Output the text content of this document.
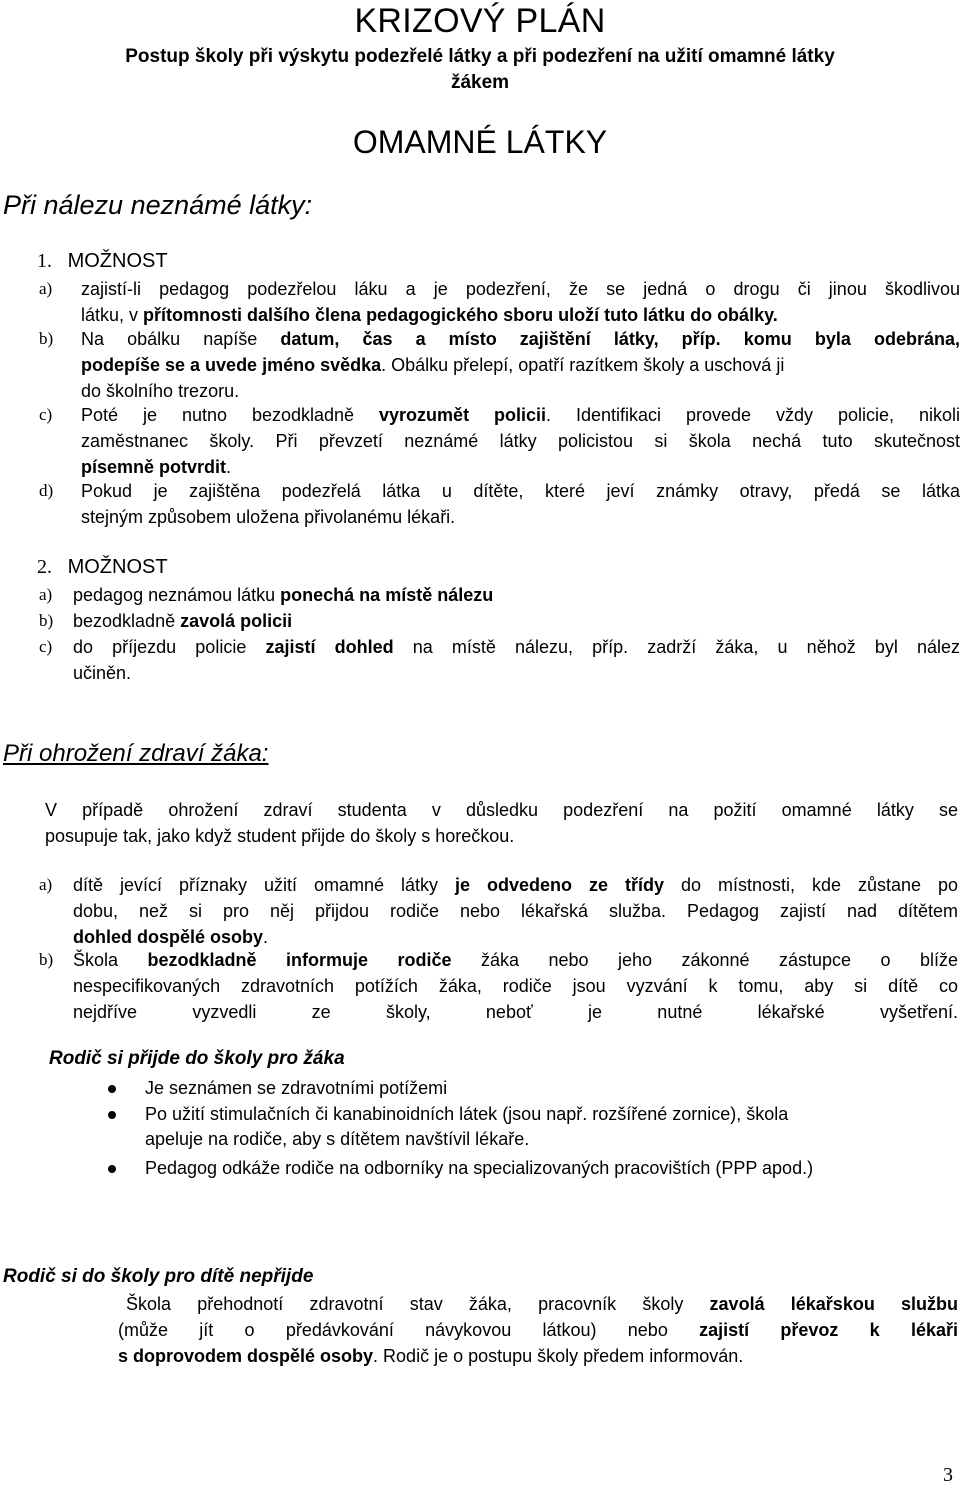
KRIZOVÝ PLÁN
Postup školy při výskytu podezřelé látky a při podezření na užití omamné látky
žákem
OMAMNÉ LÁTKY
Při nálezu neznámé látky:
1. MOŽNOST
a) zajistí-li pedagog podezřelou láku a je podezření, že se jedná o drogu či jinou škodlivou
látku, v přítomnosti dalšího člena pedagogického sboru uloží tuto látku do obálky.
b) Na obálku napíše datum, čas a místo zajištění látky, příp. komu byla odebrána,
podepíše se a uvede jméno svědka. Obálku přelepí, opatří razítkem školy a uschová ji
do školního trezoru.
c) Poté je nutno bezodkladně vyrozumět policii. Identifikaci provede vždy policie, nikoli
zaměstnanec školy. Při převzetí neznámé látky policistou si škola nechá tuto skutečnost
písemně potvrdit.
d) Pokud je zajištěna podezřelá látka u dítěte, které jeví známky otravy, předá se látka
stejným způsobem uložena přivolanému lékaři.
2. MOŽNOST
a) pedagog neznámou látku ponechá na místě nálezu
b) bezodkladně zavolá policii
c) do příjezdu policie zajistí dohled na místě nálezu, příp. zadrží žáka, u něhož byl nález
učiněn.
Při ohrožení zdraví žáka:
V případě ohrožení zdraví studenta v důsledku podezření na požití omamné látky se
posupuje tak, jako když student přijde do školy s horečkou.
a) dítě jevící příznaky užití omamné látky je odvedeno ze třídy do místnosti, kde zůstane po
dobu, než si pro něj přijdou rodiče nebo lékařská služba. Pedagog zajistí nad dítětem
dohled dospělé osoby.
b) Škola bezodkladně informuje rodiče žáka nebo jeho zákonné zástupce o blíže
nespecifikovaných zdravotních potížích žáka, rodiče jsou vyzvání k tomu, aby si dítě co
nejdříve vyzvedli ze školy, neboť je nutné lékařské vyšetření.
Rodič si přijde do školy pro žáka
Je seznámen se zdravotními potížemi
Po užití stimulačních či kanabinoidních látek (jsou např. rozšířené zornice), škola
apeluje na rodiče, aby s dítětem navštívil lékaře.
Pedagog odkáže rodiče na odborníky na specializovaných pracovištích (PPP apod.)
Rodič si do školy pro dítě nepřijde
Škola přehodnotí zdravotní stav žáka, pracovník školy zavolá lékařskou službu
(může jít o předávkování návykovou látkou) nebo zajistí převoz k lékaři
s doprovodem dospělé osoby. Rodič je o postupu školy předem informován.
3
